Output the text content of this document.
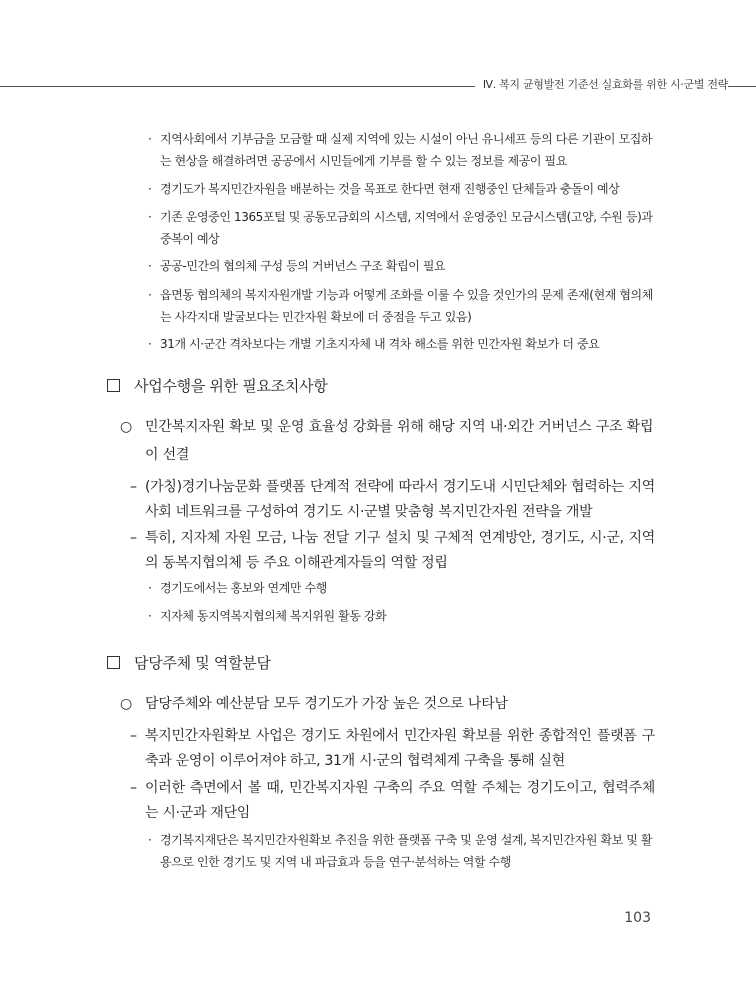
Ⅳ. 복지 균형발전 기준선 실효화를 위한 시·군별 전략
· 지역사회에서 기부금을 모금할 때 실제 지역에 있는 시설이 아닌 유니세프 등의 다른 기관이 모집하는 현상을 해결하려면 공공에서 시민들에게 기부를 할 수 있는 정보를 제공이 필요
· 경기도가 복지민간자원을 배분하는 것을 목표로 한다면 현재 진행중인 단체들과 충돌이 예상
· 기존 운영중인 1365포털 및 공동모금회의 시스템, 지역에서 운영중인 모금시스템(고양, 수원 등)과 중복이 예상
· 공공-민간의 협의체 구성 등의 거버넌스 구조 확립이 필요
· 읍면동 협의체의 복지자원개발 기능과 어떻게 조화를 이룰 수 있을 것인가의 문제 존재(현재 협의체는 사각지대 발굴보다는 민간자원 확보에 더 중점을 두고 있음)
· 31개 시·군간 격차보다는 개별 기초지자체 내 격차 해소를 위한 민간자원 확보가 더 중요
사업수행을 위한 필요조치사항
○ 민간복지자원 확보 및 운영 효율성 강화를 위해 해당 지역 내·외간 거버넌스 구조 확립이 선결
– (가칭)경기나눔문화 플랫폼 단계적 전략에 따라서 경기도내 시민단체와 협력하는 지역사회 네트워크를 구성하여 경기도 시·군별 맞춤형 복지민간자원 전략을 개발
– 특히, 지자체 자원 모금, 나눔 전달 기구 설치 및 구체적 연계방안, 경기도, 시·군, 지역의 동복지협의체 등 주요 이해관계자들의 역할 정립
· 경기도에서는 홍보와 연계만 수행
· 지자체 동지역복지협의체 복지위원 활동 강화
담당주체 및 역할분담
○ 담당주체와 예산분담 모두 경기도가 가장 높은 것으로 나타남
– 복지민간자원확보 사업은 경기도 차원에서 민간자원 확보를 위한 종합적인 플랫폼 구축과 운영이 이루어져야 하고, 31개 시·군의 협력체계 구축을 통해 실현
– 이러한 측면에서 볼 때, 민간복지자원 구축의 주요 역할 주체는 경기도이고, 협력주체는 시·군과 재단임
· 경기복지재단은 복지민간자원확보 추진을 위한 플랫폼 구축 및 운영 설계, 복지민간자원 확보 및 활용으로 인한 경기도 및 지역 내 파급효과 등을 연구·분석하는 역할 수행
103
